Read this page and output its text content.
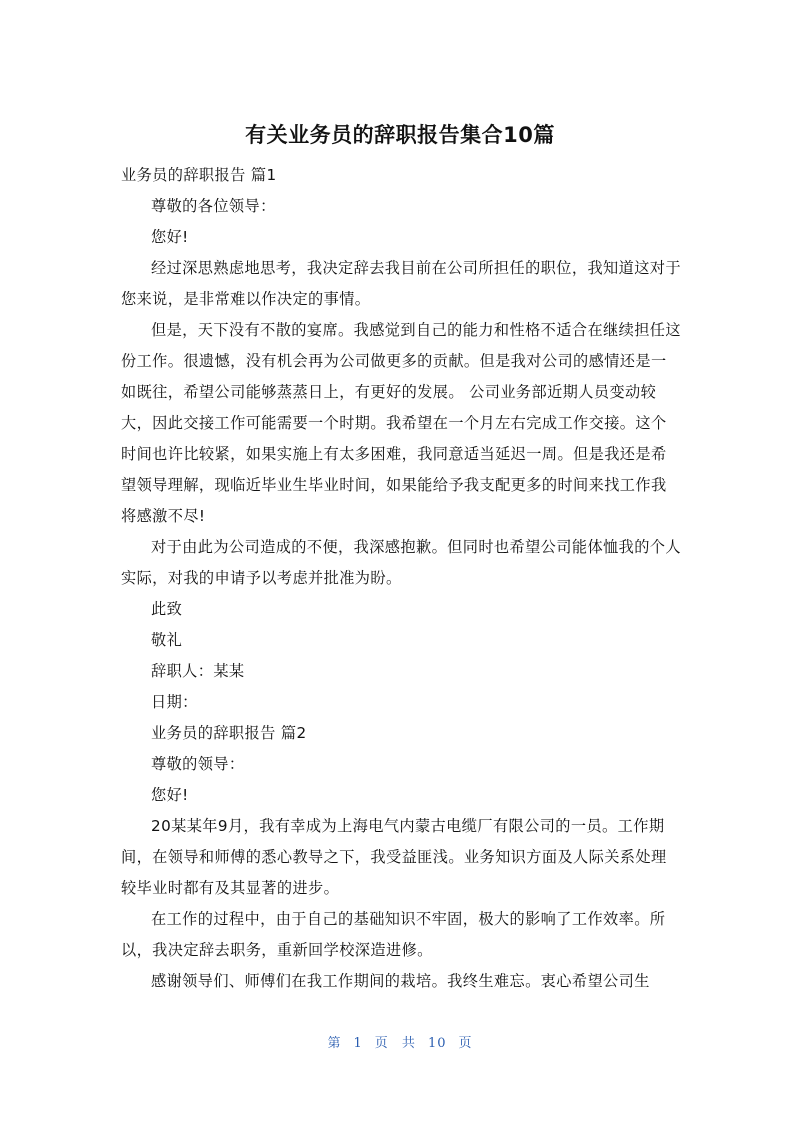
有关业务员的辞职报告集合10篇

业务员的辞职报告 篇1

尊敬的各位领导：

您好!

经过深思熟虑地思考，我决定辞去我目前在公司所担任的职位，我知道这对于您来说，是非常难以作决定的事情。

但是，天下没有不散的宴席。我感觉到自己的能力和性格不适合在继续担任这份工作。很遗憾，没有机会再为公司做更多的贡献。但是我对公司的感情还是一如既往，希望公司能够蒸蒸日上，有更好的发展。 公司业务部近期人员变动较大，因此交接工作可能需要一个时期。我希望在一个月左右完成工作交接。这个时间也许比较紧，如果实施上有太多困难，我同意适当延迟一周。但是我还是希望领导理解，现临近毕业生毕业时间，如果能给予我支配更多的时间来找工作我将感激不尽!

对于由此为公司造成的不便，我深感抱歉。但同时也希望公司能体恤我的个人实际，对我的申请予以考虑并批准为盼。

此致

敬礼

辞职人：某某

日期：

业务员的辞职报告 篇2

尊敬的领导：

您好!

20某某年9月，我有幸成为上海电气内蒙古电缆厂有限公司的一员。工作期间，在领导和师傅的悉心教导之下，我受益匪浅。业务知识方面及人际关系处理较毕业时都有及其显著的进步。

在工作的过程中，由于自己的基础知识不牢固，极大的影响了工作效率。所以，我决定辞去职务，重新回学校深造进修。

感谢领导们、师傅们在我工作期间的栽培。我终生难忘。衷心希望公司生

第 1 页 共 10 页
